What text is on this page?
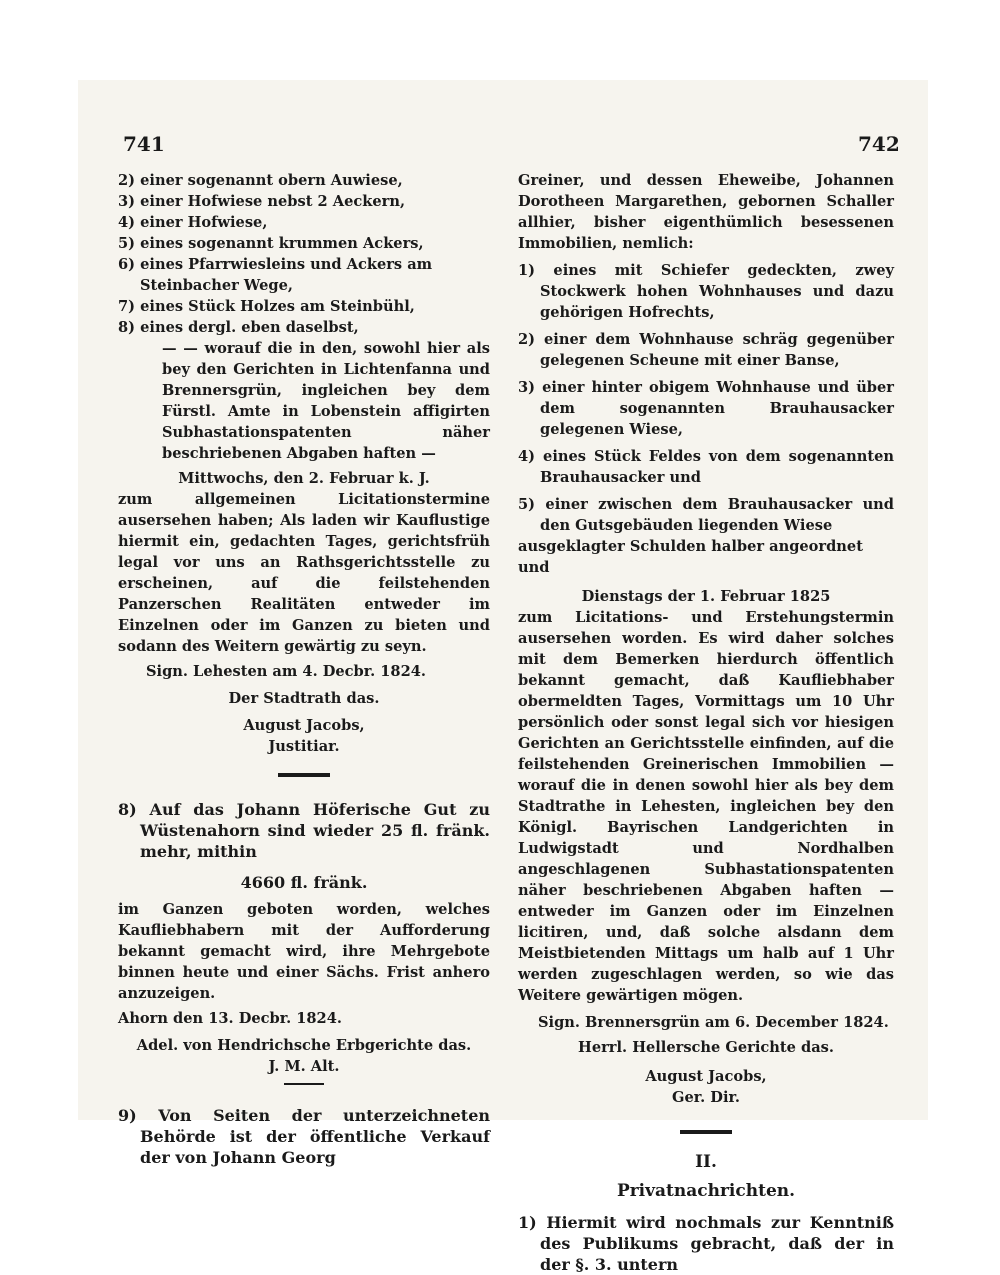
741	742

2) einer sogenannt obern Auwiese,

3) einer Hofwiese nebst 2 Aeckern,

4) einer Hofwiese,

5) eines sogenannt krummen Ackers,

6) eines Pfarrwiesleins und Ackers am Steinbacher Wege,

7) eines Stück Holzes am Steinbühl,

8) eines dergl. eben daselbst,

— — worauf die in den, sowohl hier als bey den Gerichten in Lichtenfanna und Brennersgrün, ingleichen bey dem Fürstl. Amte in Lobenstein affigirten Subhastationspatenten näher beschriebenen Abgaben haften —

Mittwochs, den 2. Februar k. J.

zum allgemeinen Licitationstermine ausersehen haben; Als laden wir Kauflustige hiermit ein, gedachten Tages, gerichtsfrüh legal vor uns an Rathsgerichtsstelle zu erscheinen, auf die feilstehenden Panzerschen Realitäten entweder im Einzelnen oder im Ganzen zu bieten und sodann des Weitern gewärtig zu seyn.

Sign. Lehesten am 4. Decbr. 1824.

Der Stadtrath das.

August Jacobs,

Justitiar.

8) Auf das Johann Höferische Gut zu Wüstenahorn sind wieder 25 fl. fränk. mehr, mithin

4660 fl. fränk.

im Ganzen geboten worden, welches Kaufliebhabern mit der Aufforderung bekannt gemacht wird, ihre Mehrgebote binnen heute und einer Sächs. Frist anhero anzuzeigen.

Ahorn den 13. Decbr. 1824.

Adel. von Hendrichsche Erbgerichte das.

J. M. Alt.

9) Von Seiten der unterzeichneten Behörde ist der öffentliche Verkauf der von Johann Georg

Greiner, und dessen Eheweibe, Johannen Dorotheen Margarethen, gebornen Schaller allhier, bisher eigenthümlich besessenen Immobilien, nemlich:

1) eines mit Schiefer gedeckten, zwey Stockwerk hohen Wohnhauses und dazu gehörigen Hofrechts,

2) einer dem Wohnhause schräg gegenüber gelegenen Scheune mit einer Banse,

3) einer hinter obigem Wohnhause und über dem sogenannten Brauhausacker gelegenen Wiese,

4) eines Stück Feldes von dem sogenannten Brauhausacker und

5) einer zwischen dem Brauhausacker und den Gutsgebäuden liegenden Wiese

ausgeklagter Schulden halber angeordnet und

Dienstags der 1. Februar 1825

zum Licitations- und Erstehungstermin ausersehen worden. Es wird daher solches mit dem Bemerken hierdurch öffentlich bekannt gemacht, daß Kaufliebhaber obermeldten Tages, Vormittags um 10 Uhr persönlich oder sonst legal sich vor hiesigen Gerichten an Gerichtsstelle einfinden, auf die feilstehenden Greinerischen Immobilien — worauf die in denen sowohl hier als bey dem Stadtrathe in Lehesten, ingleichen bey den Königl. Bayrischen Landgerichten in Ludwigstadt und Nordhalben angeschlagenen Subhastationspatenten näher beschriebenen Abgaben haften — entweder im Ganzen oder im Einzelnen licitiren, und, daß solche alsdann dem Meistbietenden Mittags um halb auf 1 Uhr werden zugeschlagen werden, so wie das Weitere gewärtigen mögen.

Sign. Brennersgrün am 6. December 1824.

Herrl. Hellersche Gerichte das.

August Jacobs,

Ger. Dir.

II.

Privatnachrichten.

1) Hiermit wird nochmals zur Kenntniß des Publikums gebracht, daß der in der §. 3. untern
